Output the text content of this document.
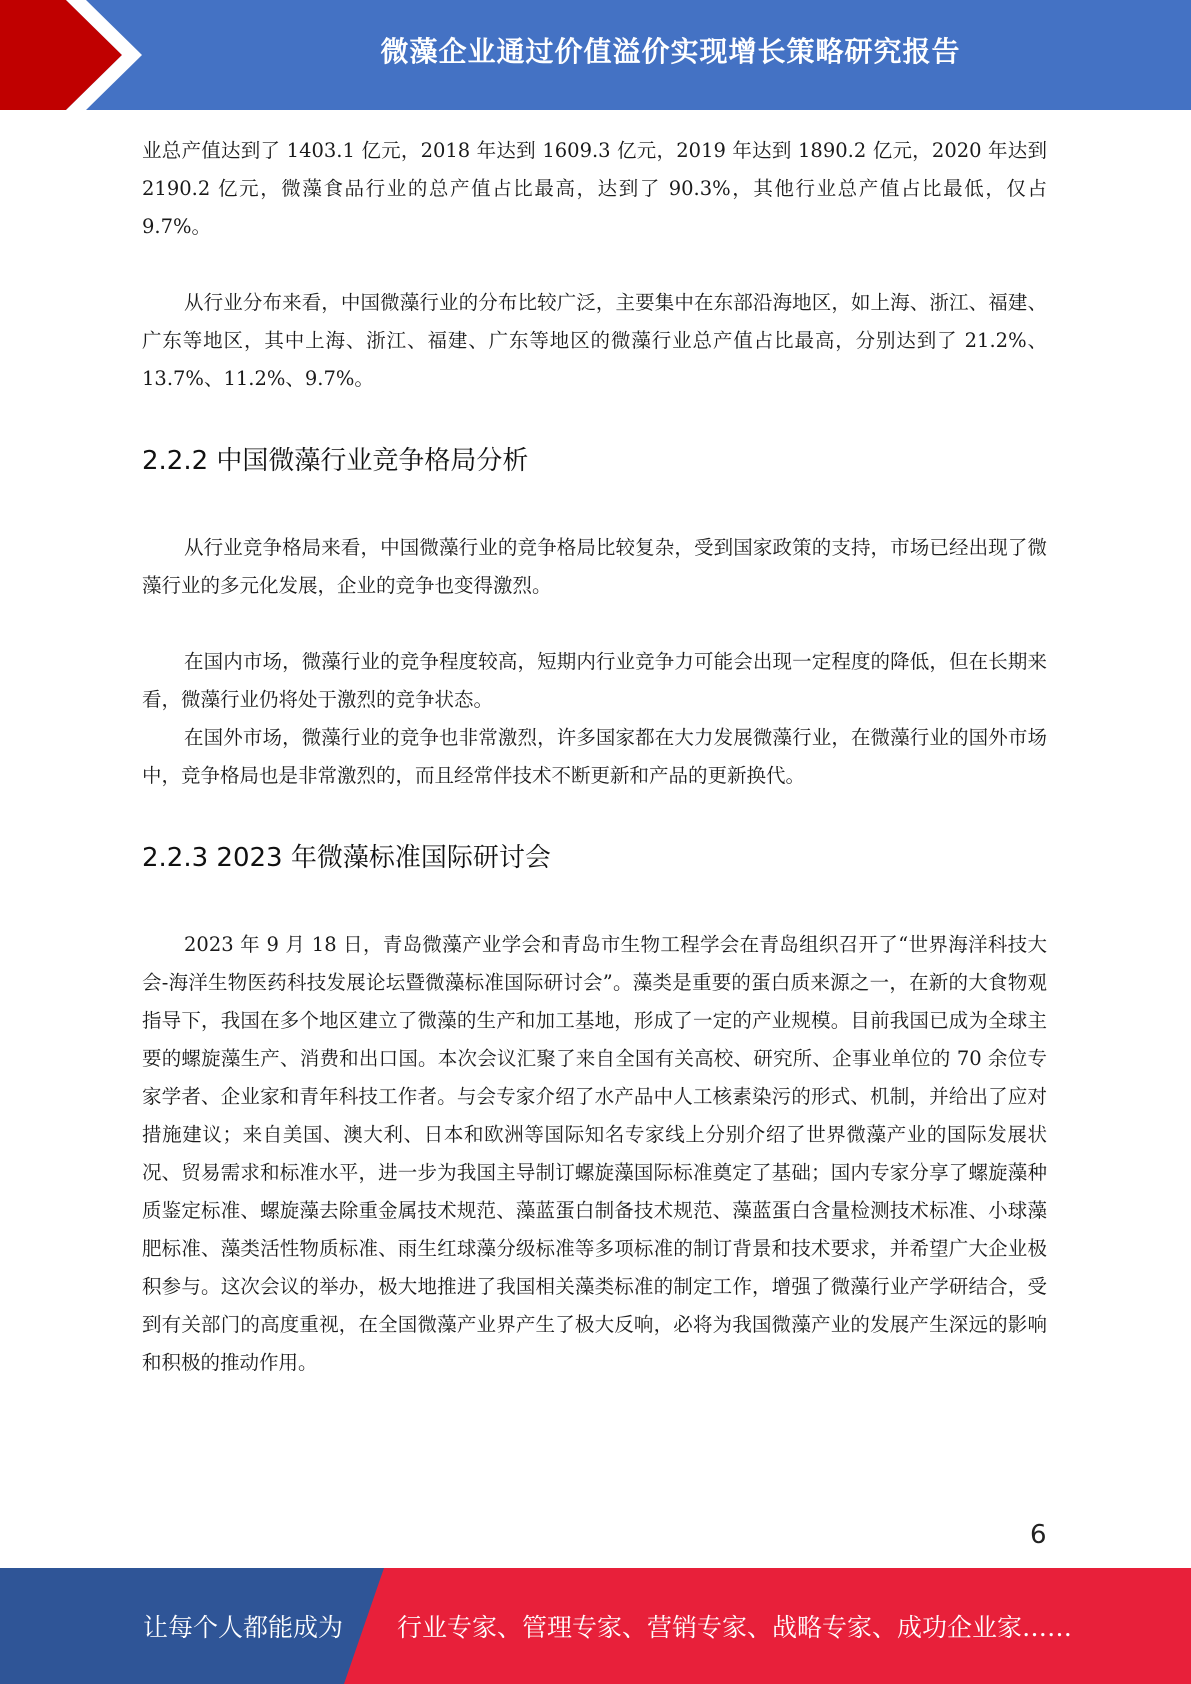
微藻企业通过价值溢价实现增长策略研究报告

业总产值达到了 1403.1 亿元，2018 年达到 1609.3 亿元，2019 年达到 1890.2 亿元，2020 年达到 2190.2 亿元，微藻食品行业的总产值占比最高，达到了 90.3%，其他行业总产值占比最低，仅占 9.7%。

从行业分布来看，中国微藻行业的分布比较广泛，主要集中在东部沿海地区，如上海、浙江、福建、广东等地区，其中上海、浙江、福建、广东等地区的微藻行业总产值占比最高，分别达到了 21.2%、13.7%、11.2%、9.7%。

2.2.2 中国微藻行业竞争格局分析

从行业竞争格局来看，中国微藻行业的竞争格局比较复杂，受到国家政策的支持，市场已经出现了微藻行业的多元化发展，企业的竞争也变得激烈。

在国内市场，微藻行业的竞争程度较高，短期内行业竞争力可能会出现一定程度的降低，但在长期来看，微藻行业仍将处于激烈的竞争状态。

在国外市场，微藻行业的竞争也非常激烈，许多国家都在大力发展微藻行业，在微藻行业的国外市场中，竞争格局也是非常激烈的，而且经常伴技术不断更新和产品的更新换代。

2.2.3 2023 年微藻标准国际研讨会

2023 年 9 月 18 日，青岛微藻产业学会和青岛市生物工程学会在青岛组织召开了“世界海洋科技大会-海洋生物医药科技发展论坛暨微藻标准国际研讨会”。藻类是重要的蛋白质来源之一，在新的大食物观指导下，我国在多个地区建立了微藻的生产和加工基地，形成了一定的产业规模。目前我国已成为全球主要的螺旋藻生产、消费和出口国。本次会议汇聚了来自全国有关高校、研究所、企事业单位的 70 余位专家学者、企业家和青年科技工作者。与会专家介绍了水产品中人工核素染污的形式、机制，并给出了应对措施建议；来自美国、澳大利、日本和欧洲等国际知名专家线上分别介绍了世界微藻产业的国际发展状况、贸易需求和标准水平，进一步为我国主导制订螺旋藻国际标准奠定了基础；国内专家分享了螺旋藻种质鉴定标准、螺旋藻去除重金属技术规范、藻蓝蛋白制备技术规范、藻蓝蛋白含量检测技术标准、小球藻肥标准、藻类活性物质标准、雨生红球藻分级标准等多项标准的制订背景和技术要求，并希望广大企业极积参与。这次会议的举办，极大地推进了我国相关藻类标准的制定工作，增强了微藻行业产学研结合，受到有关部门的高度重视，在全国微藻产业界产生了极大反响，必将为我国微藻产业的发展产生深远的影响和积极的推动作用。

6
让每个人都能成为 行业专家、管理专家、营销专家、战略专家、成功企业家……
